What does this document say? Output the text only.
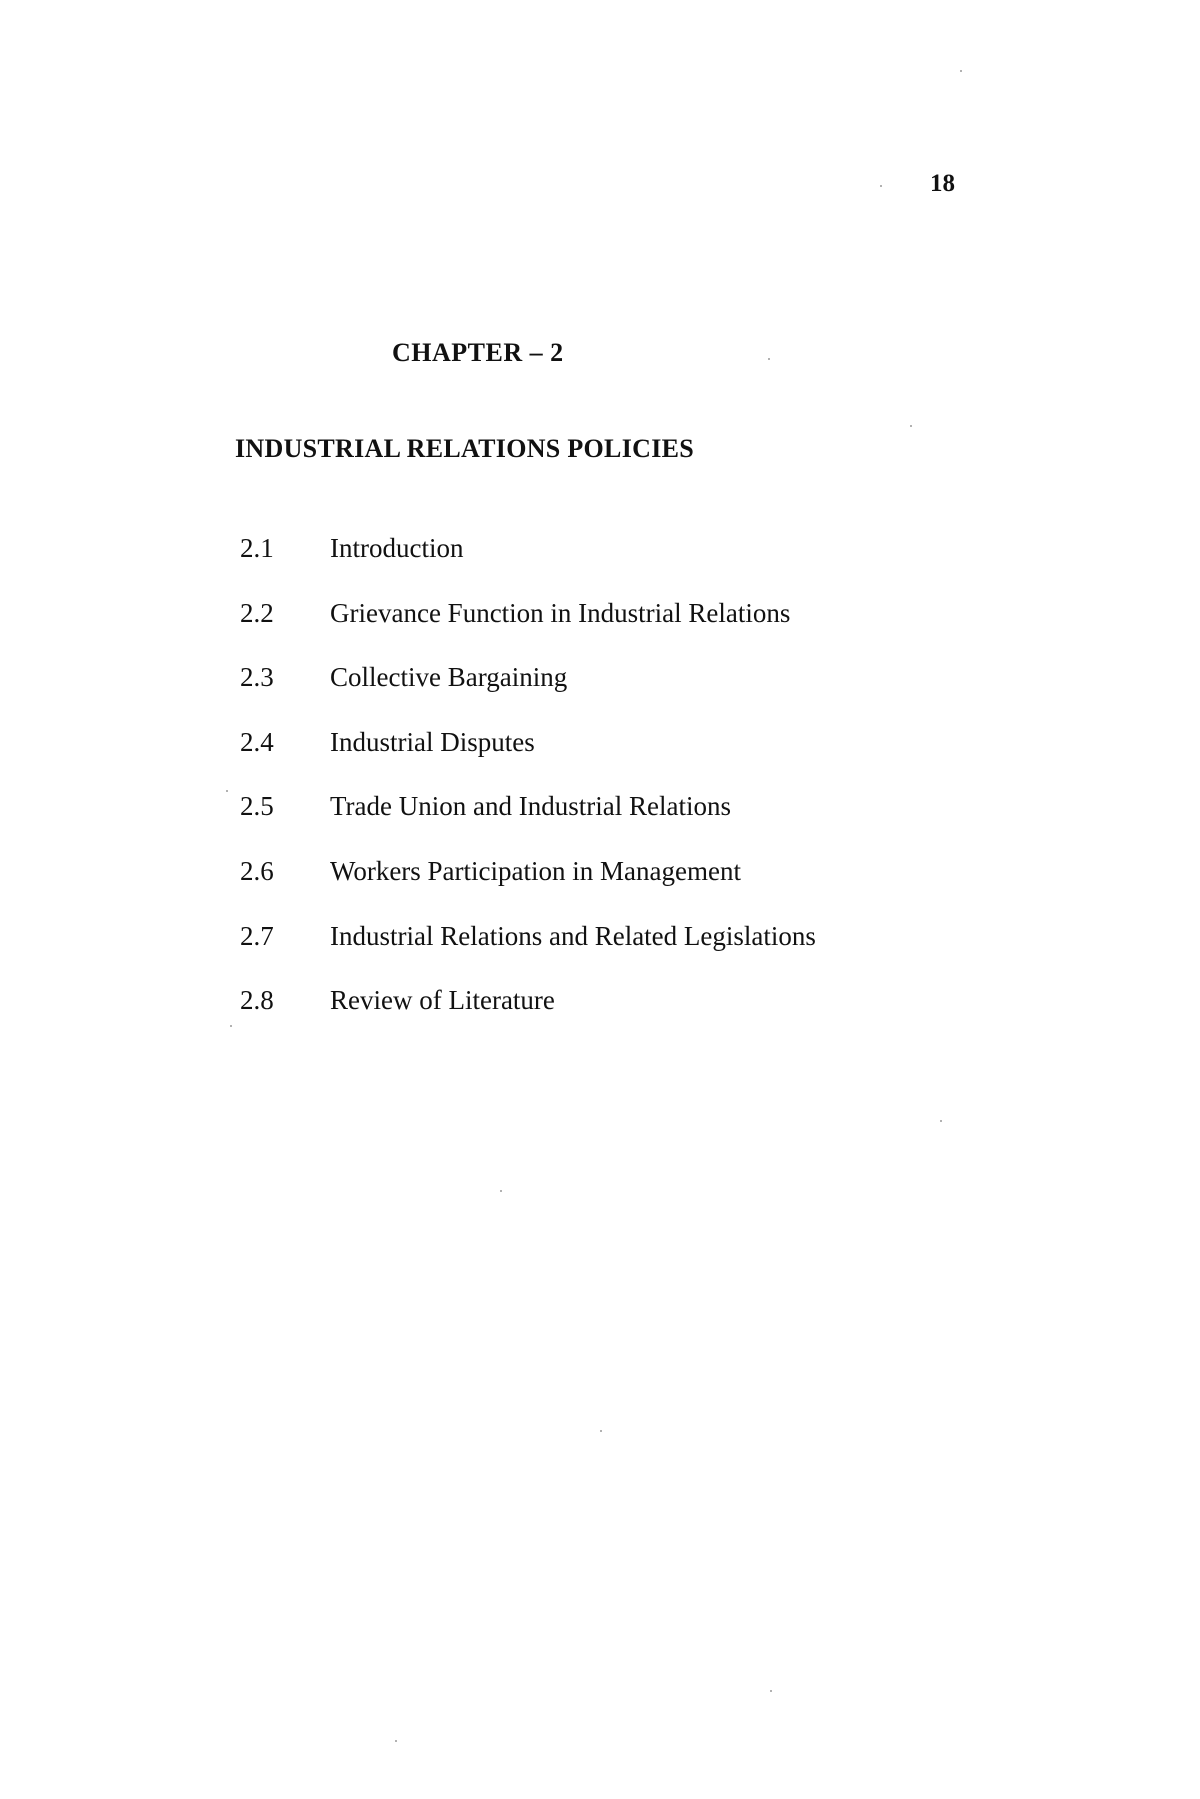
18
CHAPTER – 2
INDUSTRIAL RELATIONS POLICIES
2.1	Introduction
2.2	Grievance Function in Industrial Relations
2.3	Collective Bargaining
2.4	Industrial Disputes
2.5	Trade Union and Industrial Relations
2.6	Workers Participation in Management
2.7	Industrial Relations and Related Legislations
2.8	Review of Literature
